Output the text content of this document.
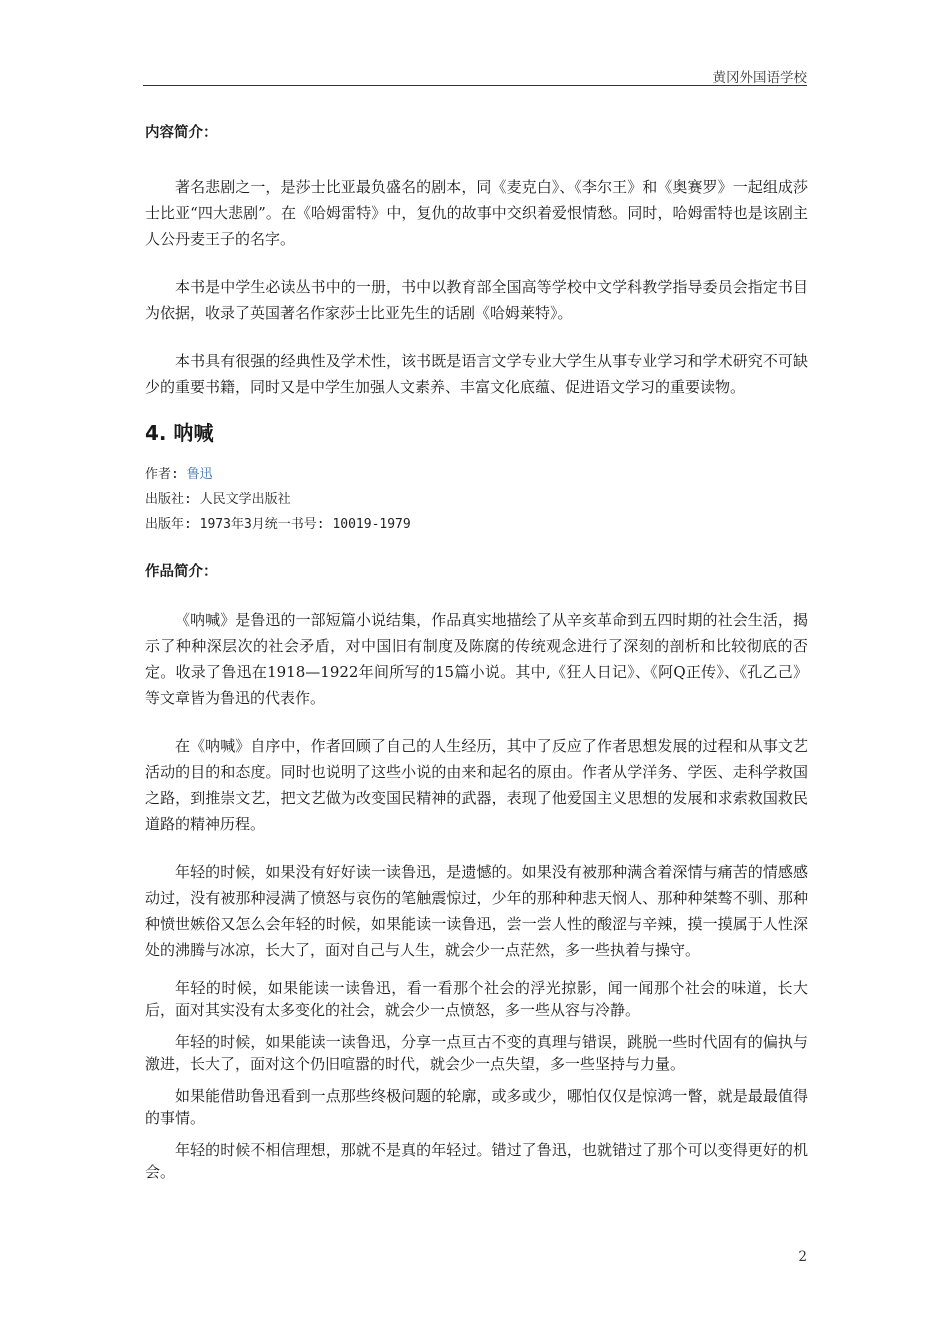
黄冈外国语学校

内容简介：

著名悲剧之一，是莎士比亚最负盛名的剧本，同《麦克白》、《李尔王》和《奥赛罗》一起组成莎士比亚“四大悲剧”。在《哈姆雷特》中，复仇的故事中交织着爱恨情愁。同时，哈姆雷特也是该剧主人公丹麦王子的名字。

本书是中学生必读丛书中的一册，书中以教育部全国高等学校中文学科教学指导委员会指定书目为依据，收录了英国著名作家莎士比亚先生的话剧《哈姆莱特》。

本书具有很强的经典性及学术性，该书既是语言文学专业大学生从事专业学习和学术研究不可缺少的重要书籍，同时又是中学生加强人文素养、丰富文化底蕴、促进语文学习的重要读物。

4. 呐喊
作者: 鲁迅
出版社: 人民文学出版社
出版年: 1973年3月统一书号: 10019-1979

作品简介：

《呐喊》是鲁迅的一部短篇小说结集，作品真实地描绘了从辛亥革命到五四时期的社会生活，揭示了种种深层次的社会矛盾，对中国旧有制度及陈腐的传统观念进行了深刻的剖析和比较彻底的否定。收录了鲁迅在1918—1922年间所写的15篇小说。其中,《狂人日记》、《阿Q正传》、《孔乙己》等文章皆为鲁迅的代表作。

在《呐喊》自序中，作者回顾了自己的人生经历，其中了反应了作者思想发展的过程和从事文艺活动的目的和态度。同时也说明了这些小说的由来和起名的原由。作者从学洋务、学医、走科学救国之路，到推崇文艺，把文艺做为改变国民精神的武器，表现了他爱国主义思想的发展和求索救国救民道路的精神历程。

年轻的时候，如果没有好好读一读鲁迅，是遗憾的。如果没有被那种满含着深情与痛苦的情感感动过，没有被那种浸满了愤怒与哀伤的笔触震惊过，少年的那种种悲天悯人、那种种桀骜不驯、那种种愤世嫉俗又怎么会年轻的时候，如果能读一读鲁迅，尝一尝人性的酸涩与辛辣，摸一摸属于人性深处的沸腾与冰凉，长大了，面对自己与人生，就会少一点茫然，多一些执着与操守。

年轻的时候，如果能读一读鲁迅，看一看那个社会的浮光掠影，闻一闻那个社会的味道，长大后，面对其实没有太多变化的社会，就会少一点愤怒，多一些从容与冷静。

年轻的时候，如果能读一读鲁迅，分享一点亘古不变的真理与错误，跳脱一些时代固有的偏执与激进，长大了，面对这个仍旧喧嚣的时代，就会少一点失望，多一些坚持与力量。

如果能借助鲁迅看到一点那些终极问题的轮廓，或多或少，哪怕仅仅是惊鸿一瞥，就是最最值得的事情。

年轻的时候不相信理想，那就不是真的年轻过。错过了鲁迅，也就错过了那个可以变得更好的机会。

2
